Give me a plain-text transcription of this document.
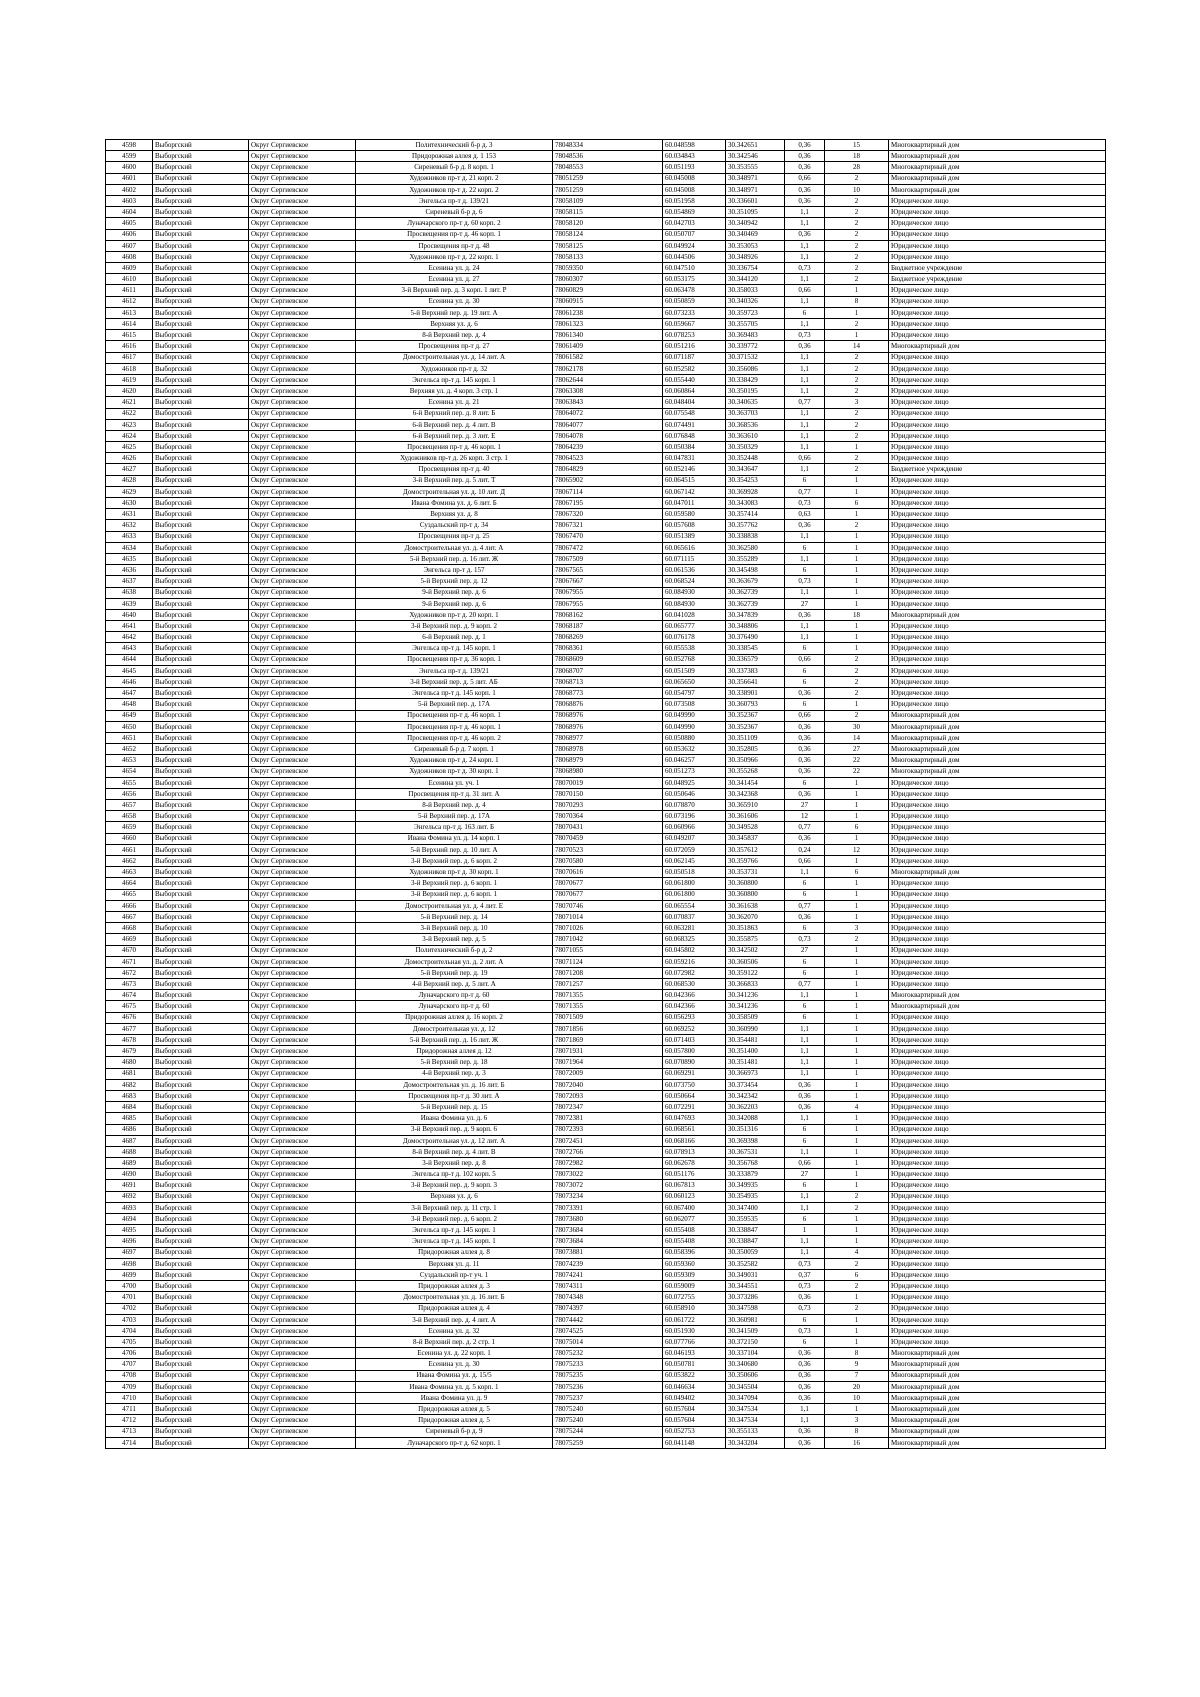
4598	Выборгский	Округ Сергиевское	Политехнический б-р д. 3	78048334	60.048598	30.342651	0,36	15	Многоквартирный дом
4599	Выборгский	Округ Сергиевское	Придорожная аллея д. 1 153	78048536	60.034843	30.342546	0,36	18	Многоквартирный дом
4600	Выборгский	Округ Сергиевское	Сиреневый б-р д. 8 корп. 1	78048553	60.051193	30.353555	0,36	28	Многоквартирный дом
4601	Выборгский	Округ Сергиевское	Художников пр-т д. 21 корп. 2	78051259	60.045008	30.348971	0,66	2	Многоквартирный дом
4602	Выборгский	Округ Сергиевское	Художников пр-т д. 22 корп. 2	78051259	60.045008	30.348971	0,36	10	Многоквартирный дом
4603	Выборгский	Округ Сергиевское	Энгельса пр-т д. 139/21	78058109	60.051958	30.336601	0,36	2	Юридическое лицо
4604	Выборгский	Округ Сергиевское	Сиреневый б-р д. 6	78058115	60.054869	30.351095	1,1	2	Юридическое лицо
4605	Выборгский	Округ Сергиевское	Луначарского пр-т д. 60 корп. 2	78058120	60.042703	30.340942	1,1	2	Юридическое лицо
4606	Выборгский	Округ Сергиевское	Просвещения пр-т д. 46 корп. 1	78058124	60.050707	30.340469	0,36	2	Юридическое лицо
4607	Выборгский	Округ Сергиевское	Просвещения пр-т д. 48	78058125	60.049924	30.353053	1,1	2	Юридическое лицо
4608	Выборгский	Округ Сергиевское	Художников пр-т д. 22 корп. 1	78058133	60.044506	30.348926	1,1	2	Юридическое лицо
4609	Выборгский	Округ Сергиевское	Есенина ул. д. 24	78059350	60.047510	30.336754	0,73	2	Бюджетное учреждение
4610	Выборгский	Округ Сергиевское	Есенина ул. д. 27	78060307	60.053175	30.344120	1,1	2	Бюджетное учреждение
4611	Выборгский	Округ Сергиевское	3-й Верхний пер. д. 3 корп. 1 лит. Р	78060829	60.063478	30.358033	0,66	1	Юридическое лицо
4612	Выборгский	Округ Сергиевское	Есенина ул. д. 30	78060915	60.050859	30.340326	1,1	8	Юридическое лицо
4613	Выборгский	Округ Сергиевское	5-й Верхний пер. д. 19 лит. А	78061238	60.073233	30.359723	6	1	Юридическое лицо
4614	Выборгский	Округ Сергиевское	Верхняя ул. д. 6	78061323	60.059667	30.355705	1,1	2	Юридическое лицо
4615	Выборгский	Округ Сергиевское	8-й Верхний пер. д. 4	78061340	60.078253	30.369483	0,73	1	Юридическое лицо
4616	Выборгский	Округ Сергиевское	Просвещения пр-т д. 27	78061409	60.051216	30.339772	0,36	14	Многоквартирный дом
4617	Выборгский	Округ Сергиевское	Домостроительная ул. д. 14 лит. А	78061582	60.071187	30.371532	1,1	2	Юридическое лицо
4618	Выборгский	Округ Сергиевское	Художников пр-т д. 32	78062178	60.052582	30.356086	1,1	2	Юридическое лицо
4619	Выборгский	Округ Сергиевское	Энгельса пр-т д. 145 корп. 1	78062644	60.055440	30.338429	1,1	2	Юридическое лицо
4620	Выборгский	Округ Сергиевское	Верхняя ул. д. 4 корп. 3 стр. 1	78063308	60.060864	30.350195	1,1	2	Юридическое лицо
4621	Выборгский	Округ Сергиевское	Есенина ул. д. 21	78063843	60.048404	30.340635	0,77	3	Юридическое лицо
4622	Выборгский	Округ Сергиевское	6-й Верхний пер. д. 8 лит. Б	78064072	60.075548	30.363703	1,1	2	Юридическое лицо
4623	Выборгский	Округ Сергиевское	6-й Верхний пер. д. 4 лит. В	78064077	60.074491	30.368536	1,1	2	Юридическое лицо
4624	Выборгский	Округ Сергиевское	6-й Верхний пер. д. 3 лит. Е	78064078	60.076848	30.363610	1,1	2	Юридическое лицо
4625	Выборгский	Округ Сергиевское	Просвещения пр-т д. 46 корп. 1	78064239	60.050384	30.350329	1,1	1	Юридическое лицо
4626	Выборгский	Округ Сергиевское	Художников пр-т д. 26 корп. 3 стр. 1	78064523	60.047831	30.352448	0,66	2	Юридическое лицо
4627	Выборгский	Округ Сергиевское	Просвещения пр-т д. 40	78064829	60.052146	30.343647	1,1	2	Бюджетное учреждение
4628	Выборгский	Округ Сергиевское	3-й Верхний пер. д. 5 лит. Т	78065902	60.064515	30.354253	6	1	Юридическое лицо
4629	Выборгский	Округ Сергиевское	Домостроительная ул. д. 10 лит. Д	78067114	60.067142	30.369928	0,77	1	Юридическое лицо
4630	Выборгский	Округ Сергиевское	Ивана Фомина ул. д. 6 лит. Б	78067195	60.047011	30.343083	0,73	6	Юридическое лицо
4631	Выборгский	Округ Сергиевское	Верхняя ул. д. 8	78067320	60.059580	30.357414	0,63	1	Юридическое лицо
4632	Выборгский	Округ Сергиевское	Суздальский пр-т д. 34	78067321	60.057608	30.357762	0,36	2	Юридическое лицо
4633	Выборгский	Округ Сергиевское	Просвещения пр-т д. 25	78067470	60.051389	30.338838	1,1	1	Юридическое лицо
4634	Выборгский	Округ Сергиевское	Домостроительная ул. д. 4 лит. А	78067472	60.065616	30.362580	6	1	Юридическое лицо
4635	Выборгский	Округ Сергиевское	5-й Верхний пер. д. 16 лит. Ж	78067509	60.071115	30.355289	1,1	1	Юридическое лицо
4636	Выборгский	Округ Сергиевское	Энгельса пр-т д. 157	78067565	60.061536	30.345498	6	1	Юридическое лицо
4637	Выборгский	Округ Сергиевское	5-й Верхний пер. д. 12	78067667	60.068524	30.363679	0,73	1	Юридическое лицо
4638	Выборгский	Округ Сергиевское	9-й Верхний пер. д. 6	78067955	60.084930	30.362739	1,1	1	Юридическое лицо
4639	Выборгский	Округ Сергиевское	9-й Верхний пер. д. 6	78067955	60.084930	30.362739	27	1	Юридическое лицо
4640	Выборгский	Округ Сергиевское	Художников пр-т д. 20 корп. 1	78068162	60.041028	30.347839	0,36	18	Многоквартирный дом
4641	Выборгский	Округ Сергиевское	3-й Верхний пер. д. 9 корп. 2	78068187	60.065777	30.348806	1,1	1	Юридическое лицо
4642	Выборгский	Округ Сергиевское	6-й Верхний пер. д. 1	78068269	60.076178	30.376490	1,1	1	Юридическое лицо
4643	Выборгский	Округ Сергиевское	Энгельса пр-т д. 145 корп. 1	78068361	60.055538	30.338545	6	1	Юридическое лицо
4644	Выборгский	Округ Сергиевское	Просвещения пр-т д. 36 корп. 1	78068609	60.052768	30.336579	0,66	2	Юридическое лицо
4645	Выборгский	Округ Сергиевское	Энгельса пр-т д. 139/21	78068707	60.051509	30.337383	6	2	Юридическое лицо
4646	Выборгский	Округ Сергиевское	3-й Верхний пер. д. 5 лит. АБ	78068713	60.065650	30.356641	6	2	Юридическое лицо
4647	Выборгский	Округ Сергиевское	Энгельса пр-т д. 145 корп. 1	78068773	60.054797	30.338901	0,36	2	Юридическое лицо
4648	Выборгский	Округ Сергиевское	5-й Верхний пер. д. 17А	78068876	60.073508	30.360793	6	1	Юридическое лицо
4649	Выборгский	Округ Сергиевское	Просвещения пр-т д. 46 корп. 1	78068976	60.049990	30.352367	0,66	2	Многоквартирный дом
4650	Выборгский	Округ Сергиевское	Просвещения пр-т д. 46 корп. 1	78068976	60.049990	30.352367	0,36	30	Многоквартирный дом
4651	Выборгский	Округ Сергиевское	Просвещения пр-т д. 46 корп. 2	78068977	60.050880	30.351109	0,36	14	Многоквартирный дом
4652	Выборгский	Округ Сергиевское	Сиреневый б-р д. 7 корп. 1	78068978	60.053632	30.352805	0,36	27	Многоквартирный дом
4653	Выборгский	Округ Сергиевское	Художников пр-т д. 24 корп. 1	78068979	60.046257	30.350966	0,36	22	Многоквартирный дом
4654	Выборгский	Округ Сергиевское	Художников пр-т д. 30 корп. 1	78068980	60.051273	30.355268	0,36	22	Многоквартирный дом
4655	Выборгский	Округ Сергиевское	Есенина ул. уч. 1	78070019	60.048925	30.341454	6	1	Юридическое лицо
4656	Выборгский	Округ Сергиевское	Просвещения пр-т д. 31 лит. А	78070150	60.050646	30.342368	0,36	1	Юридическое лицо
4657	Выборгский	Округ Сергиевское	8-й Верхний пер. д. 4	78070293	60.078870	30.365910	27	1	Юридическое лицо
4658	Выборгский	Округ Сергиевское	5-й Верхний пер. д. 17А	78070364	60.073196	30.361606	12	1	Юридическое лицо
4659	Выборгский	Округ Сергиевское	Энгельса пр-т д. 163 лит. Б	78070431	60.060966	30.349528	0,77	6	Юридическое лицо
4660	Выборгский	Округ Сергиевское	Ивана Фомина ул. д. 14 корп. 1	78070459	60.049207	30.345837	0,36	1	Юридическое лицо
4661	Выборгский	Округ Сергиевское	5-й Верхний пер. д. 10 лит. А	78070523	60.072059	30.357612	0,24	12	Юридическое лицо
4662	Выборгский	Округ Сергиевское	3-й Верхний пер. д. 6 корп. 2	78070580	60.062145	30.359766	0,66	1	Юридическое лицо
4663	Выборгский	Округ Сергиевское	Художников пр-т д. 30 корп. 1	78070616	60.050518	30.353731	1,1	6	Многоквартирный дом
4664	Выборгский	Округ Сергиевское	3-й Верхний пер. д. 6 корп. 1	78070677	60.061800	30.360800	6	1	Юридическое лицо
4665	Выборгский	Округ Сергиевское	3-й Верхний пер. д. 6 корп. 1	78070677	60.061800	30.360800	6	1	Юридическое лицо
4666	Выборгский	Округ Сергиевское	Домостроительная ул. д. 4 лит. Е	78070746	60.065554	30.361638	0,77	1	Юридическое лицо
4667	Выборгский	Округ Сергиевское	5-й Верхний пер. д. 14	78071014	60.070837	30.362070	0,36	1	Юридическое лицо
4668	Выборгский	Округ Сергиевское	3-й Верхний пер. д. 10	78071026	60.063281	30.351863	6	3	Юридическое лицо
4669	Выборгский	Округ Сергиевское	3-й Верхний пер. д. 5	78071042	60.068325	30.355875	0,73	2	Юридическое лицо
4670	Выборгский	Округ Сергиевское	Политехнический б-р д. 2	78071055	60.045802	30.342502	27	1	Юридическое лицо
4671	Выборгский	Округ Сергиевское	Домостроительная ул. д. 2 лит. А	78071124	60.059216	30.360506	6	1	Юридическое лицо
4672	Выборгский	Округ Сергиевское	5-й Верхний пер. д. 19	78071208	60.072982	30.359122	6	1	Юридическое лицо
4673	Выборгский	Округ Сергиевское	4-й Верхний пер. д. 5 лит. А	78071257	60.068530	30.366833	0,77	1	Юридическое лицо
4674	Выборгский	Округ Сергиевское	Луначарского пр-т д. 60	78071355	60.042366	30.341236	1,1	1	Многоквартирный дом
4675	Выборгский	Округ Сергиевское	Луначарского пр-т д. 60	78071355	60.042366	30.341236	6	1	Многоквартирный дом
4676	Выборгский	Округ Сергиевское	Придорожная аллея д. 16 корп. 2	78071509	60.056293	30.358509	6	1	Юридическое лицо
4677	Выборгский	Округ Сергиевское	Домостроительная ул. д. 12	78071856	60.069252	30.360990	1,1	1	Юридическое лицо
4678	Выборгский	Округ Сергиевское	5-й Верхний пер. д. 16 лит. Ж	78071869	60.071403	30.354481	1,1	1	Юридическое лицо
4679	Выборгский	Округ Сергиевское	Придорожная аллея д. 12	78071931	60.057800	30.351400	1,1	1	Юридическое лицо
4680	Выборгский	Округ Сергиевское	5-й Верхний пер. д. 18	78071964	60.070890	30.351481	1,1	1	Юридическое лицо
4681	Выборгский	Округ Сергиевское	4-й Верхний пер. д. 3	78072009	60.069291	30.366973	1,1	1	Юридическое лицо
4682	Выборгский	Округ Сергиевское	Домостроительная ул. д. 16 лит. Б	78072040	60.073750	30.373454	0,36	1	Юридическое лицо
4683	Выборгский	Округ Сергиевское	Просвещения пр-т д. 30 лит. А	78072093	60.050664	30.342342	0,36	1	Юридическое лицо
4684	Выборгский	Округ Сергиевское	5-й Верхний пер. д. 15	78072347	60.072291	30.362203	0,36	4	Юридическое лицо
4685	Выборгский	Округ Сергиевское	Ивана Фомина ул. д. 6	78072381	60.047693	30.342088	1,1	1	Юридическое лицо
4686	Выборгский	Округ Сергиевское	3-й Верхний пер. д. 9 корп. 6	78072393	60.068561	30.351316	6	1	Юридическое лицо
4687	Выборгский	Округ Сергиевское	Домостроительная ул. д. 12 лит. А	78072451	60.068166	30.369398	6	1	Юридическое лицо
4688	Выборгский	Округ Сергиевское	8-й Верхний пер. д. 4 лит. В	78072766	60.078913	30.367531	1,1	1	Юридическое лицо
4689	Выборгский	Округ Сергиевское	3-й Верхний пер. д. 8	78072982	60.062678	30.356768	0,66	1	Юридическое лицо
4690	Выборгский	Округ Сергиевское	Энгельса пр-т д. 102 корп. 5	78073022	60.051176	30.333879	27	1	Юридическое лицо
4691	Выборгский	Округ Сергиевское	3-й Верхний пер. д. 9 корп. 3	78073072	60.067813	30.349935	6	1	Юридическое лицо
4692	Выборгский	Округ Сергиевское	Верхняя ул. д. 6	78073234	60.060123	30.354935	1,1	2	Юридическое лицо
4693	Выборгский	Округ Сергиевское	3-й Верхний пер. д. 11 стр. 1	78073391	60.067400	30.347400	1,1	2	Юридическое лицо
4694	Выборгский	Округ Сергиевское	3-й Верхний пер. д. 6 корп. 2	78073680	60.062077	30.359535	6	1	Юридическое лицо
4695	Выборгский	Округ Сергиевское	Энгельса пр-т д. 145 корп. 1	78073684	60.055408	30.338847	1	1	Юридическое лицо
4696	Выборгский	Округ Сергиевское	Энгельса пр-т д. 145 корп. 1	78073684	60.055408	30.338847	1,1	1	Юридическое лицо
4697	Выборгский	Округ Сергиевское	Придорожная аллея д. 8	78073881	60.058396	30.350059	1,1	4	Юридическое лицо
4698	Выборгский	Округ Сергиевское	Верхняя ул. д. 11	78074239	60.059360	30.352582	0,73	2	Юридическое лицо
4699	Выборгский	Округ Сергиевское	Суздальский пр-т уч. 1	78074241	60.059309	30.349031	0,37	6	Юридическое лицо
4700	Выборгский	Округ Сергиевское	Придорожная аллея д. 3	78074311	60.059009	30.344551	0,73	2	Юридическое лицо
4701	Выборгский	Округ Сергиевское	Домостроительная ул. д. 16 лит. Б	78074348	60.072755	30.373286	0,36	1	Юридическое лицо
4702	Выборгский	Округ Сергиевское	Придорожная аллея д. 4	78074397	60.058910	30.347598	0,73	2	Юридическое лицо
4703	Выборгский	Округ Сергиевское	3-й Верхний пер. д. 4 лит. А	78074442	60.061722	30.360981	6	1	Юридическое лицо
4704	Выборгский	Округ Сергиевское	Есенина ул. д. 32	78074525	60.051930	30.341509	0,73	1	Юридическое лицо
4705	Выборгский	Округ Сергиевское	8-й Верхний пер. д. 2 стр. 1	78075014	60.077766	30.372150	6	1	Юридическое лицо
4706	Выборгский	Округ Сергиевское	Есенина ул. д. 22 корп. 1	78075232	60.046193	30.337104	0,36	8	Многоквартирный дом
4707	Выборгский	Округ Сергиевское	Есенина ул. д. 30	78075233	60.050781	30.340680	0,36	9	Многоквартирный дом
4708	Выборгский	Округ Сергиевское	Ивана Фомина ул. д. 15/5	78075235	60.053822	30.350606	0,36	7	Многоквартирный дом
4709	Выборгский	Округ Сергиевское	Ивана Фомина ул. д. 5 корп. 1	78075236	60.046634	30.345504	0,36	20	Многоквартирный дом
4710	Выборгский	Округ Сергиевское	Ивана Фомина ул. д. 9	78075237	60.049402	30.347094	0,36	10	Многоквартирный дом
4711	Выборгский	Округ Сергиевское	Придорожная аллея д. 5	78075240	60.057604	30.347534	1,1	1	Многоквартирный дом
4712	Выборгский	Округ Сергиевское	Придорожная аллея д. 5	78075240	60.057604	30.347534	1,1	3	Многоквартирный дом
4713	Выборгский	Округ Сергиевское	Сиреневый б-р д. 9	78075244	60.052753	30.355133	0,36	8	Многоквартирный дом
4714	Выборгский	Округ Сергиевское	Луначарского пр-т д. 62 корп. 1	78075259	60.041148	30.343204	0,36	16	Многоквартирный дом
